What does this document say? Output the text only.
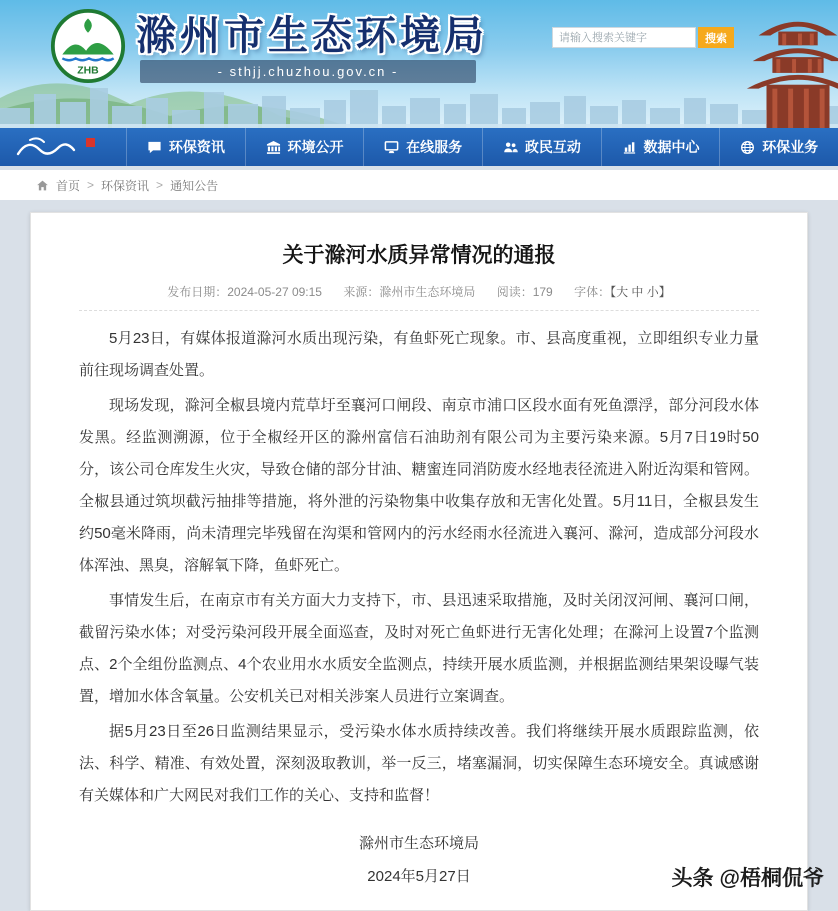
ZHB
滁州市生态环境局
- sthjj.chuzhou.gov.cn -
请输入搜索关键字
搜索
环保资讯	环境公开	在线服务	政民互动	数据中心	环保业务
首页 > 环保资讯 > 通知公告
关于滁河水质异常情况的通报
发布日期：2024-05-27 09:15 来源：滁州市生态环境局 阅读：179 字体：【大 中 小】

5月23日，有媒体报道滁河水质出现污染，有鱼虾死亡现象。市、县高度重视，立即组织专业力量前往现场调查处置。

现场发现，滁河全椒县境内荒草圩至襄河口闸段、南京市浦口区段水面有死鱼漂浮，部分河段水体发黑。经监测溯源，位于全椒经开区的滁州富信石油助剂有限公司为主要污染来源。5月7日19时50分，该公司仓库发生火灾，导致仓储的部分甘油、糖蜜连同消防废水经地表径流进入附近沟渠和管网。全椒县通过筑坝截污抽排等措施，将外泄的污染物集中收集存放和无害化处置。5月11日，全椒县发生约50毫米降雨，尚未清理完毕残留在沟渠和管网内的污水经雨水径流进入襄河、滁河，造成部分河段水体浑浊、黑臭，溶解氧下降，鱼虾死亡。

事情发生后，在南京市有关方面大力支持下，市、县迅速采取措施，及时关闭汊河闸、襄河口闸，截留污染水体；对受污染河段开展全面巡查，及时对死亡鱼虾进行无害化处理；在滁河上设置7个监测点、2个全组份监测点、4个农业用水水质安全监测点，持续开展水质监测，并根据监测结果架设曝气装置，增加水体含氧量。公安机关已对相关涉案人员进行立案调查。

据5月23日至26日监测结果显示，受污染水体水质持续改善。我们将继续开展水质跟踪监测，依法、科学、精准、有效处置，深刻汲取教训，举一反三，堵塞漏洞，切实保障生态环境安全。真诚感谢有关媒体和广大网民对我们工作的关心、支持和监督！

滁州市生态环境局
2024年5月27日	头条 @梧桐侃爷
